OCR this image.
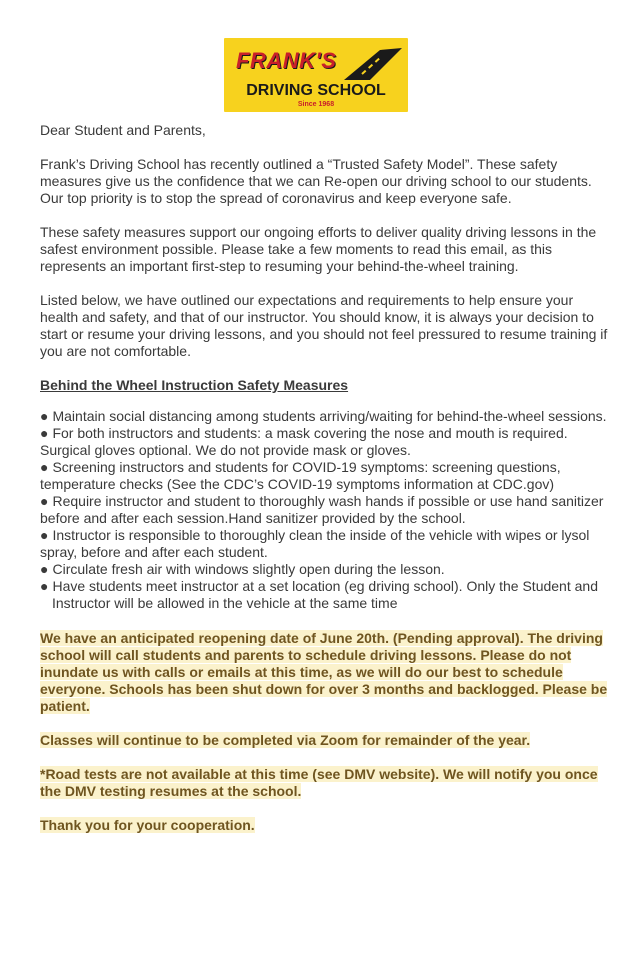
FRANK'S
DRIVING SCHOOL
Since 1968

Dear Student and Parents,

Frank’s Driving School has recently outlined a “Trusted Safety Model”. These safety measures give us the confidence that we can Re-open our driving school to our students. Our top priority is to stop the spread of coronavirus and keep everyone safe.

These safety measures support our ongoing efforts to deliver quality driving lessons in the safest environment possible. Please take a few moments to read this email, as this represents an important first-step to resuming your behind-the-wheel training.

Listed below, we have outlined our expectations and requirements to help ensure your health and safety, and that of our instructor. You should know, it is always your decision to start or resume your driving lessons, and you should not feel pressured to resume training if you are not comfortable.

Behind the Wheel Instruction Safety Measures

● Maintain social distancing among students arriving/waiting for behind-the-wheel sessions.
● For both instructors and students: a mask covering the nose and mouth is required. Surgical gloves optional. We do not provide mask or gloves.
● Screening instructors and students for COVID-19 symptoms: screening questions, temperature checks (See the CDC’s COVID-19 symptoms information at CDC.gov)
● Require instructor and student to thoroughly wash hands if possible or use hand sanitizer before and after each session.Hand sanitizer provided by the school.
● Instructor is responsible to thoroughly clean the inside of the vehicle with wipes or lysol spray, before and after each student.
● Circulate fresh air with windows slightly open during the lesson.
● Have students meet instructor at a set location (eg driving school). Only the Student and Instructor will be allowed in the vehicle at the same time

We have an anticipated reopening date of June 20th. (Pending approval). The driving school will call students and parents to schedule driving lessons. Please do not inundate us with calls or emails at this time, as we will do our best to schedule everyone. Schools has been shut down for over 3 months and backlogged. Please be patient.

Classes will continue to be completed via Zoom for remainder of the year.

*Road tests are not available at this time (see DMV website). We will notify you once the DMV testing resumes at the school.

Thank you for your cooperation.
